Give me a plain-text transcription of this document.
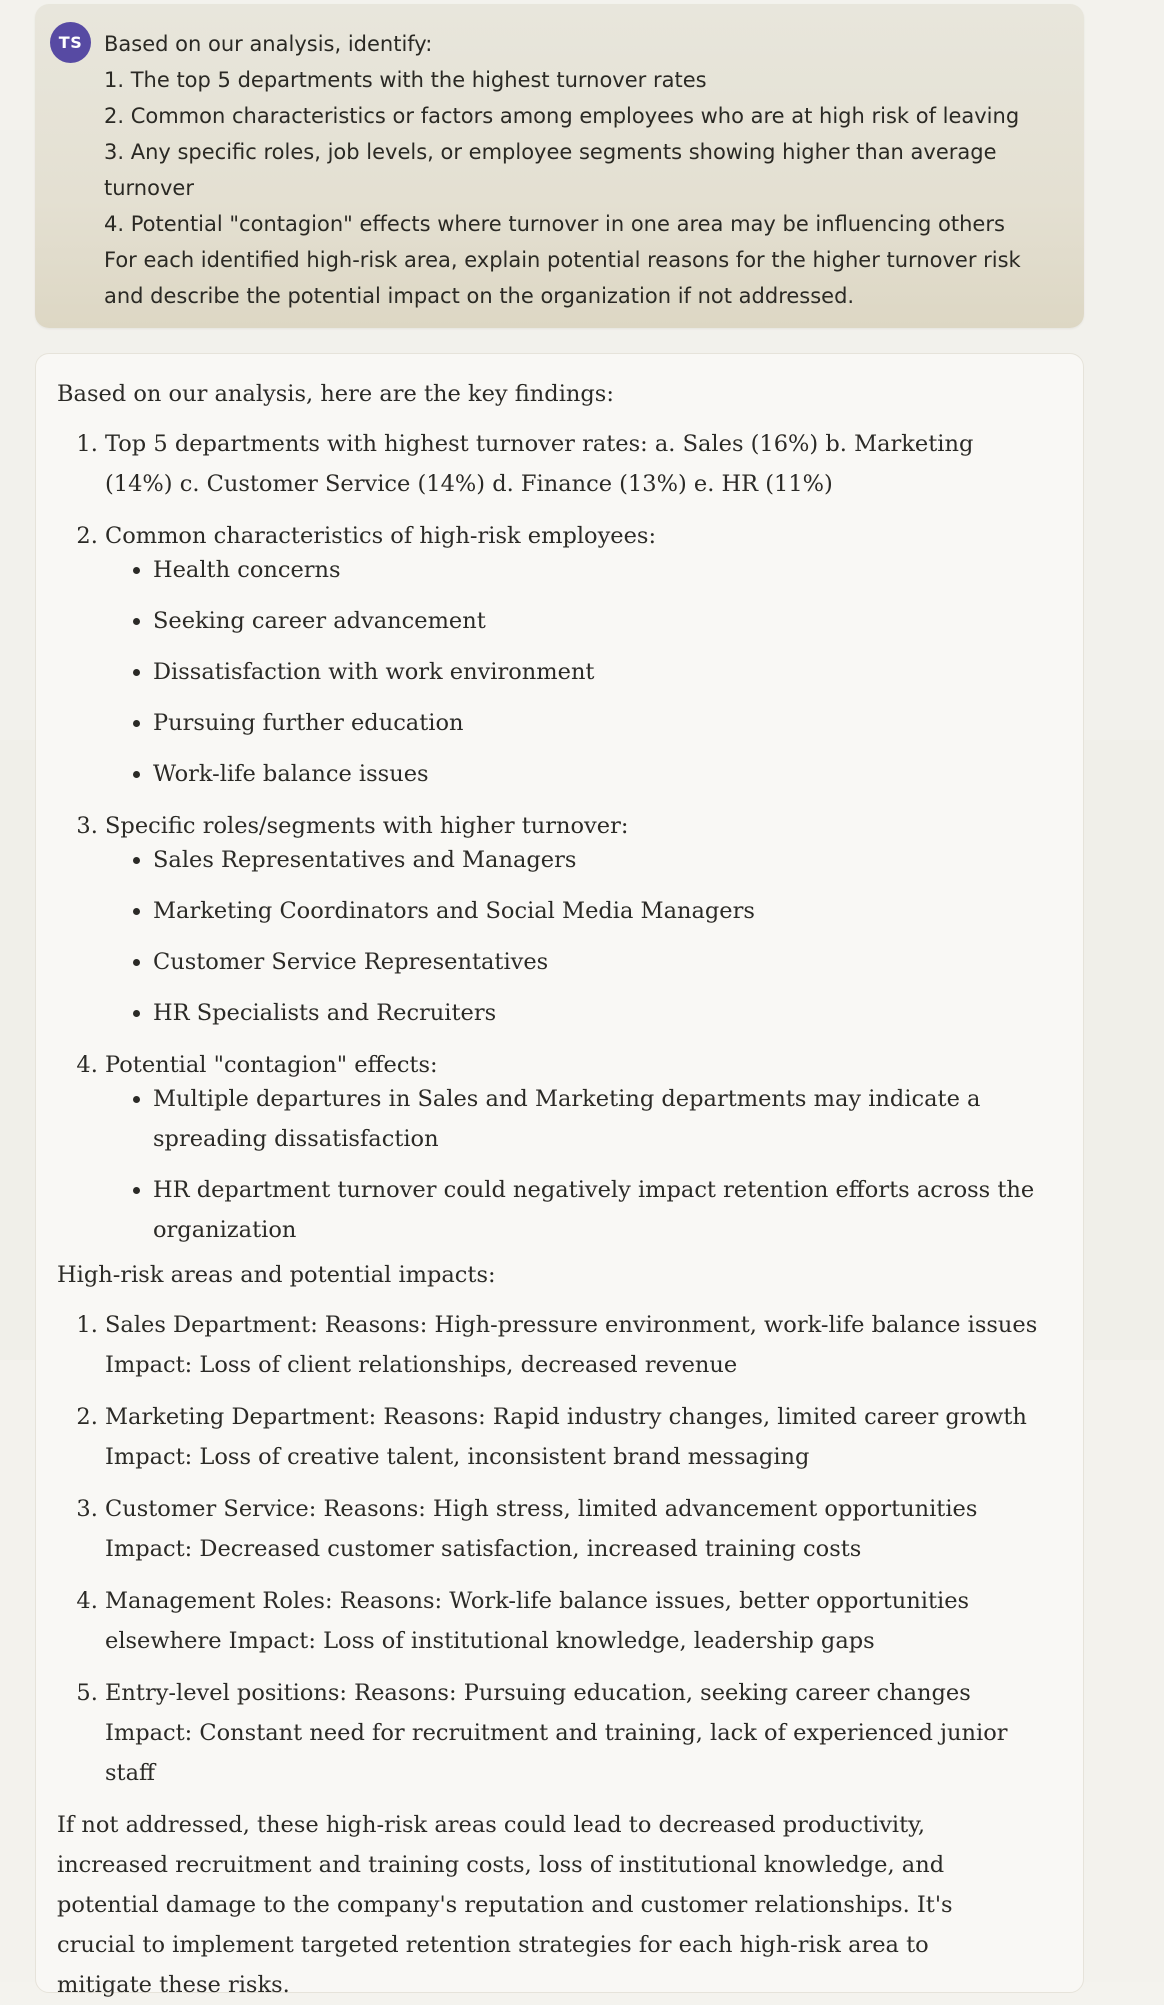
TS	Based on our analysis, identify:

1. The top 5 departments with the highest turnover rates

2. Common characteristics or factors among employees who are at high risk of leaving

3. Any specific roles, job levels, or employee segments showing higher than average turnover

4. Potential "contagion" effects where turnover in one area may be influencing others

For each identified high-risk area, explain potential reasons for the higher turnover risk and describe the potential impact on the organization if not addressed.

Based on our analysis, here are the key findings:

1. Top 5 departments with highest turnover rates: a. Sales (16%) b. Marketing (14%) c. Customer Service (14%) d. Finance (13%) e. HR (11%)
2. Common characteristics of high-risk employees:
• Health concerns
• Seeking career advancement
• Dissatisfaction with work environment
• Pursuing further education
• Work-life balance issues
3. Specific roles/segments with higher turnover:
• Sales Representatives and Managers
• Marketing Coordinators and Social Media Managers
• Customer Service Representatives
• HR Specialists and Recruiters
4. Potential "contagion" effects:
• Multiple departures in Sales and Marketing departments may indicate a spreading dissatisfaction
• HR department turnover could negatively impact retention efforts across the organization

High-risk areas and potential impacts:

1. Sales Department: Reasons: High-pressure environment, work-life balance issues Impact: Loss of client relationships, decreased revenue
2. Marketing Department: Reasons: Rapid industry changes, limited career growth Impact: Loss of creative talent, inconsistent brand messaging
3. Customer Service: Reasons: High stress, limited advancement opportunities Impact: Decreased customer satisfaction, increased training costs
4. Management Roles: Reasons: Work-life balance issues, better opportunities elsewhere Impact: Loss of institutional knowledge, leadership gaps
5. Entry-level positions: Reasons: Pursuing education, seeking career changes Impact: Constant need for recruitment and training, lack of experienced junior staff

If not addressed, these high-risk areas could lead to decreased productivity, increased recruitment and training costs, loss of institutional knowledge, and potential damage to the company's reputation and customer relationships. It's crucial to implement targeted retention strategies for each high-risk area to mitigate these risks.
